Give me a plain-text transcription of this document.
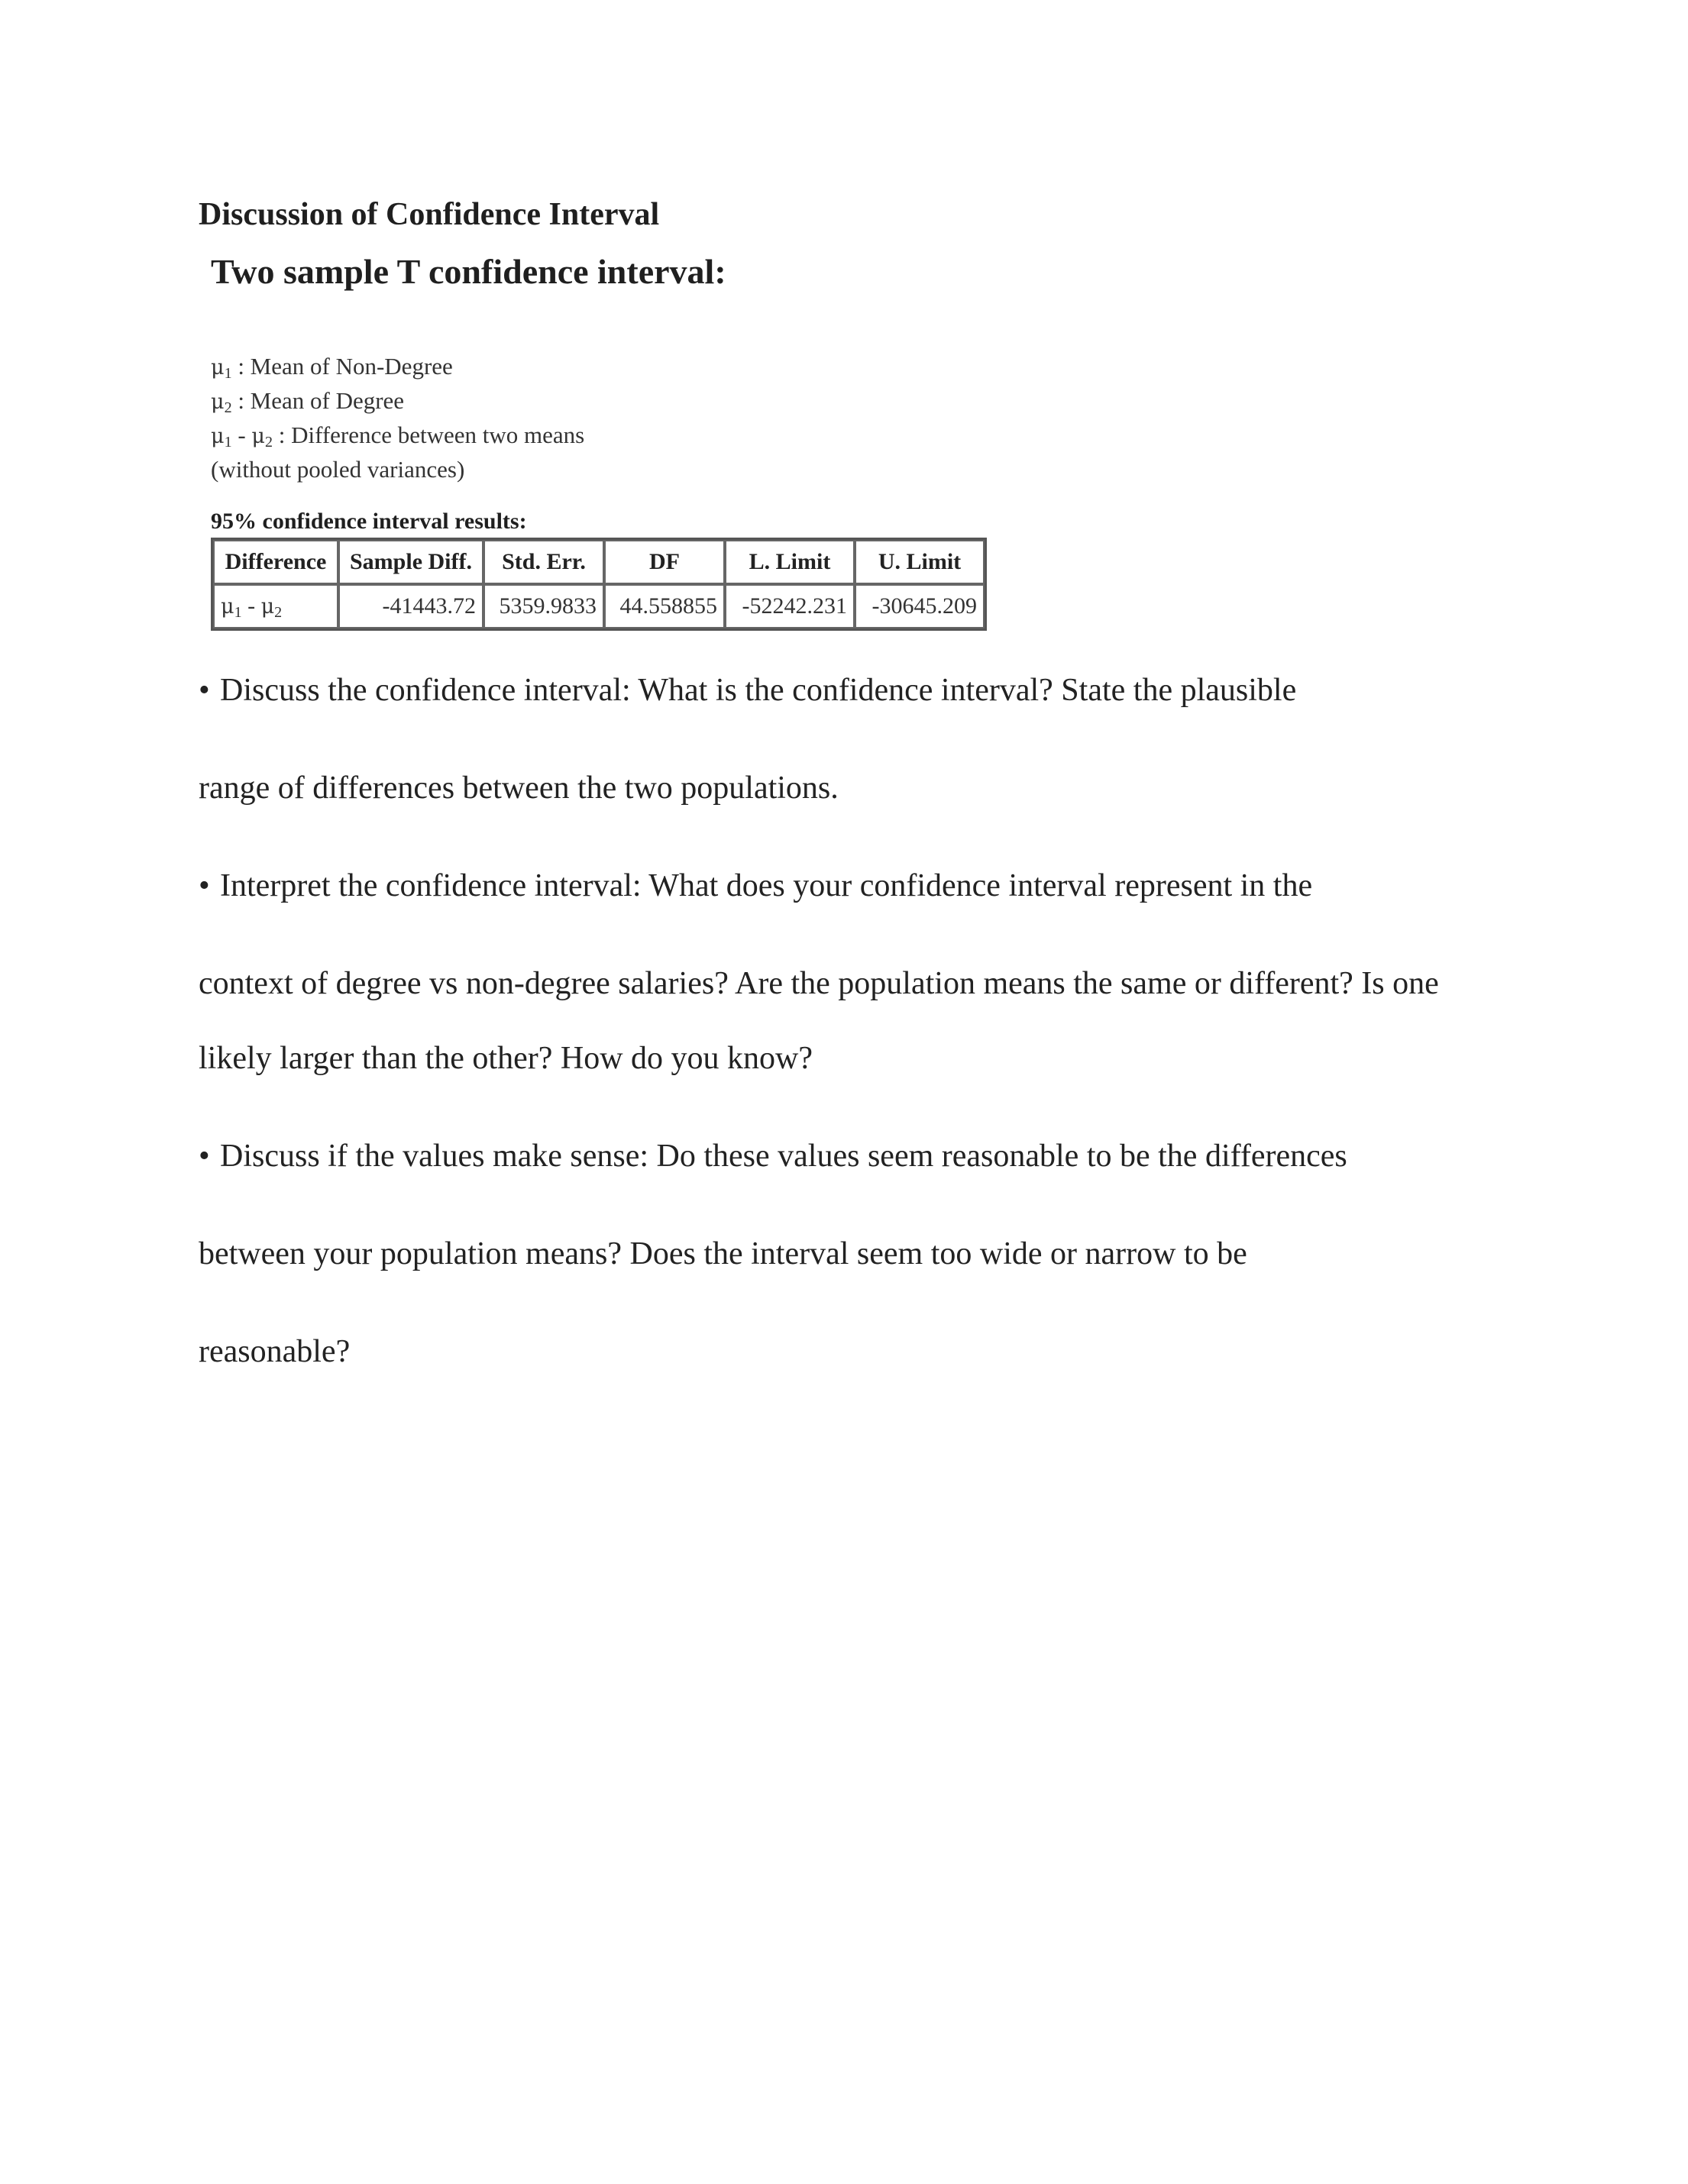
Discussion of Confidence Interval
Two sample T confidence interval:
$\mu_1$ : Mean of Non-Degree
$\mu_2$ : Mean of Degree
$\mu_1 - \mu_2$ : Difference between two means
(without pooled variances)
95% confidence interval results:
Difference	Sample Diff.	Std. Err.	DF	L. Limit	U. Limit
$\mu_1 - \mu_2$	-41443.72	5359.9833	44.558855	-52242.231	-30645.209
• Discuss the confidence interval: What is the confidence interval? State the plausible
range of differences between the two populations.
• Interpret the confidence interval: What does your confidence interval represent in the
context of degree vs non-degree salaries? Are the population means the same or different? Is one
likely larger than the other? How do you know?
• Discuss if the values make sense: Do these values seem reasonable to be the differences
between your population means? Does the interval seem too wide or narrow to be
reasonable?
